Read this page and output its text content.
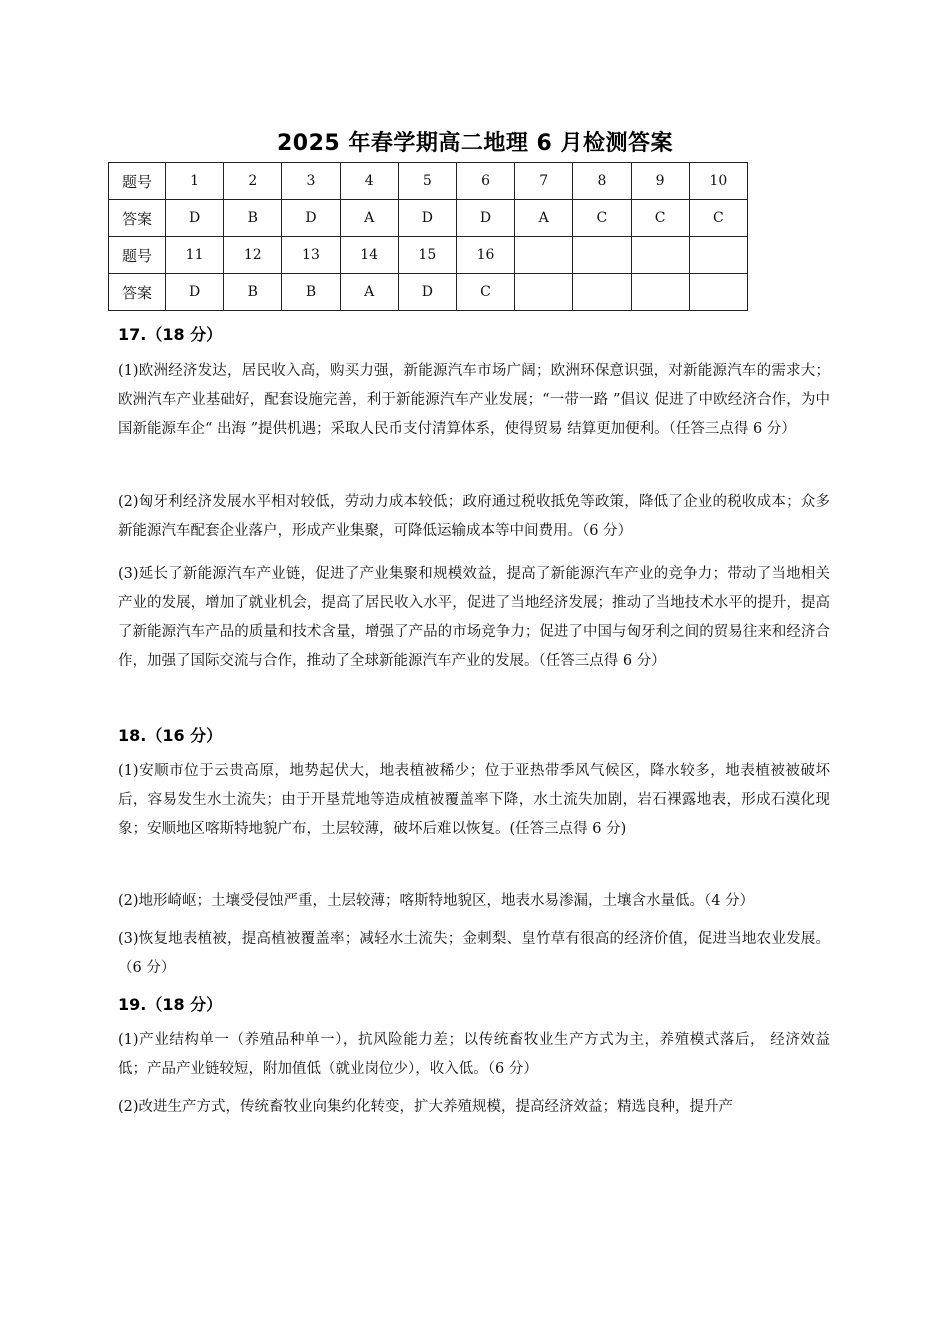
2025 年春学期高二地理 6 月检测答案
题号	1	2	3	4	5	6	7	8	9	10
答案	D	B	D	A	D	D	A	C	C	C
题号	11	12	13	14	15	16				
答案	D	B	B	A	D	C				
17.（18 分）
(1)欧洲经济发达，居民收入高，购买力强，新能源汽车市场广阔；欧洲环保意识强，对新能源汽车的需求大；欧洲汽车产业基础好，配套设施完善，利于新能源汽车产业发展；“一带一路 ”倡议 促进了中欧经济合作，为中国新能源车企“ 出海 ”提供机遇；采取人民币支付清算体系，使得贸易 结算更加便利。（任答三点得 6 分）
(2)匈牙利经济发展水平相对较低，劳动力成本较低；政府通过税收抵免等政策，降低了企业的税收成本；众多新能源汽车配套企业落户，形成产业集聚，可降低运输成本等中间费用。（6 分）
(3)延长了新能源汽车产业链，促进了产业集聚和规模效益，提高了新能源汽车产业的竞争力；带动了当地相关产业的发展，增加了就业机会，提高了居民收入水平，促进了当地经济发展；推动了当地技术水平的提升，提高了新能源汽车产品的质量和技术含量，增强了产品的市场竞争力；促进了中国与匈牙利之间的贸易往来和经济合作，加强了国际交流与合作，推动了全球新能源汽车产业的发展。（任答三点得 6 分）
18.（16 分）
(1)安顺市位于云贵高原，地势起伏大，地表植被稀少；位于亚热带季风气候区，降水较多，地表植被被破坏后，容易发生水土流失；由于开垦荒地等造成植被覆盖率下降，水土流失加剧，岩石裸露地表，形成石漠化现象；安顺地区喀斯特地貌广布，土层较薄，破坏后难以恢复。(任答三点得 6 分)
(2)地形崎岖；土壤受侵蚀严重，土层较薄；喀斯特地貌区，地表水易渗漏，土壤含水量低。（4 分）
(3)恢复地表植被，提高植被覆盖率；减轻水土流失；金刺梨、皇竹草有很高的经济价值，促进当地农业发展。（6 分）
19.（18 分）
(1)产业结构单一（养殖品种单一），抗风险能力差；以传统畜牧业生产方式为主，养殖模式落后， 经济效益低；产品产业链较短，附加值低（就业岗位少），收入低。（6 分）
(2)改进生产方式，传统畜牧业向集约化转变，扩大养殖规模，提高经济效益；精选良种，提升产
